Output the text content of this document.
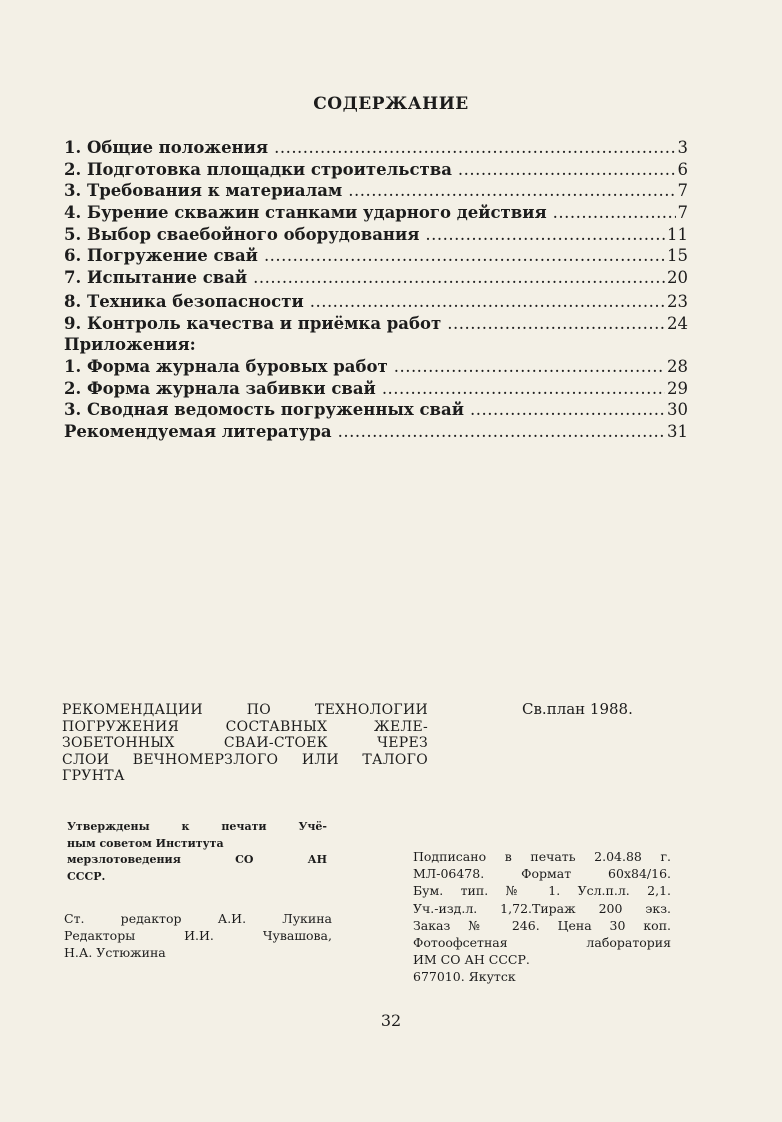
СОДЕРЖАНИЕ
1. Общие положения .....	3
2. Подготовка площадки строительства .....	6
3. Требования к материалам .....	7
4. Бурение скважин станками ударного действия .....	7
5. Выбор сваебойного оборудования .....	11
6. Погружение свай .....	15
7. Испытание свай .....	20
8. Техника безопасности .....	23
9. Контроль качества и приёмка работ .....	24
Приложения:
1. Форма журнала буровых работ .....	28
2. Форма журнала забивки свай .....	29
3. Сводная ведомость погруженных свай .....	30
Рекомендуемая литература .....	31
РЕКОМЕНДАЦИИ ПО ТЕХНОЛОГИИ
ПОГРУЖЕНИЯ СОСТАВНЫХ ЖЕЛЕ-
ЗОБЕТОННЫХ СВАИ-СТОЕК ЧЕРЕЗ
СЛОИ ВЕЧНОМЕРЗЛОГО ИЛИ ТАЛОГО
ГРУНТА
Св.план 1988.
Утверждены к печати Учё-
ным советом Института
мерзлотоведения СО АН
СССР.
Ст. редактор А.И. Лукина
Редакторы И.И. Чувашова,
Н.А. Устюжина
Подписано в печать 2.04.88 г.
МЛ-06478. Формат 60х84/16.
Бум. тип. № 1. Усл.п.л. 2,1.
Уч.-изд.л. 1,72.Тираж 200 экз.
Заказ № 246. Цена 30 коп.
Фотоофсетная лаборатория
ИМ СО АН СССР.
677010. Якутск
32
